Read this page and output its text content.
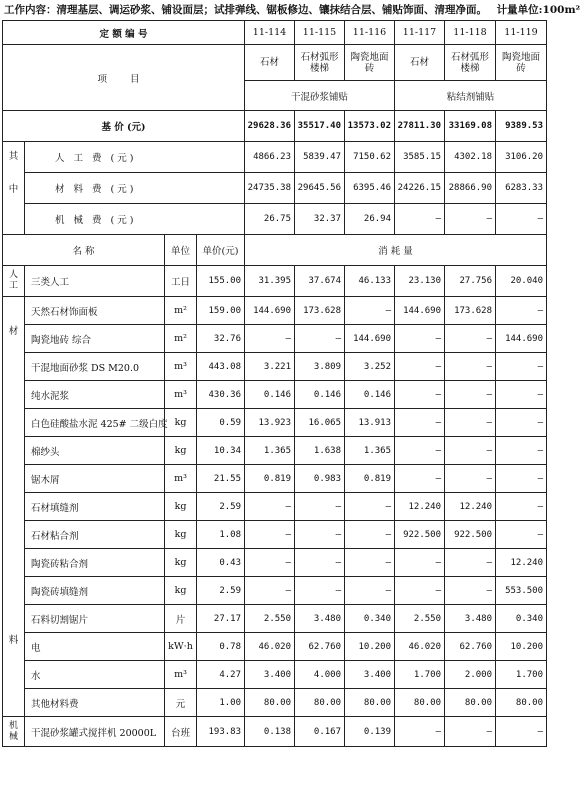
工作内容：清理基层、调运砂浆、铺设面层；试排弹线、锯板修边、镶抹结合层、铺贴饰面、清理净面。 计量单位:100m²
定 额 编 号				11-114	11-115	11-116	11-117	11-118	11-119
项 目				石材	石材弧形楼梯	陶瓷地面砖	石材	石材弧形楼梯	陶瓷地面砖
				干混砂浆铺贴			粘结剂铺贴		
基 价 (元)				29628.36	35517.40	13573.02	27811.30	33169.08	9389.53

其
中	人 工 费 (元)			4866.23	5839.47	7150.62	3585.15	4302.18	3106.20
	材 料 费 (元)			24735.38	29645.56	6395.46	24226.15	28866.90	6283.33
	机 械 费 (元)			26.75	32.37	26.94	—	—	—
名 称		单位	单价(元)	消 耗 量					
人工	三类人工	工日	155.00	31.395	37.674	46.133	23.130	27.756	20.040

材
料	天然石材饰面板	m²	159.00	144.690	173.628	—	144.690	173.628	—
	陶瓷地砖 综合	m²	32.76	—	—	144.690	—	—	144.690
	干混地面砂浆 DS M20.0	m³	443.08	3.221	3.809	3.252	—	—	—
	纯水泥浆	m³	430.36	0.146	0.146	0.146	—	—	—
	白色硅酸盐水泥 425# 二级白度	kg	0.59	13.923	16.065	13.913	—	—	—
	棉纱头	kg	10.34	1.365	1.638	1.365	—	—	—
	锯木屑	m³	21.55	0.819	0.983	0.819	—	—	—
	石材填缝剂	kg	2.59	—	—	—	12.240	12.240	—
	石材粘合剂	kg	1.08	—	—	—	922.500	922.500	—
	陶瓷砖粘合剂	kg	0.43	—	—	—	—	—	12.240
	陶瓷砖填缝剂	kg	2.59	—	—	—	—	—	553.500
	石料切割锯片	片	27.17	2.550	3.480	0.340	2.550	3.480	0.340
	电	kW·h	0.78	46.020	62.760	10.200	46.020	62.760	10.200
	水	m³	4.27	3.400	4.000	3.400	1.700	2.000	1.700
	其他材料费	元	1.00	80.00	80.00	80.00	80.00	80.00	80.00
机械	干混砂浆罐式搅拌机 20000L	台班	193.83	0.138	0.167	0.139	—	—	—
